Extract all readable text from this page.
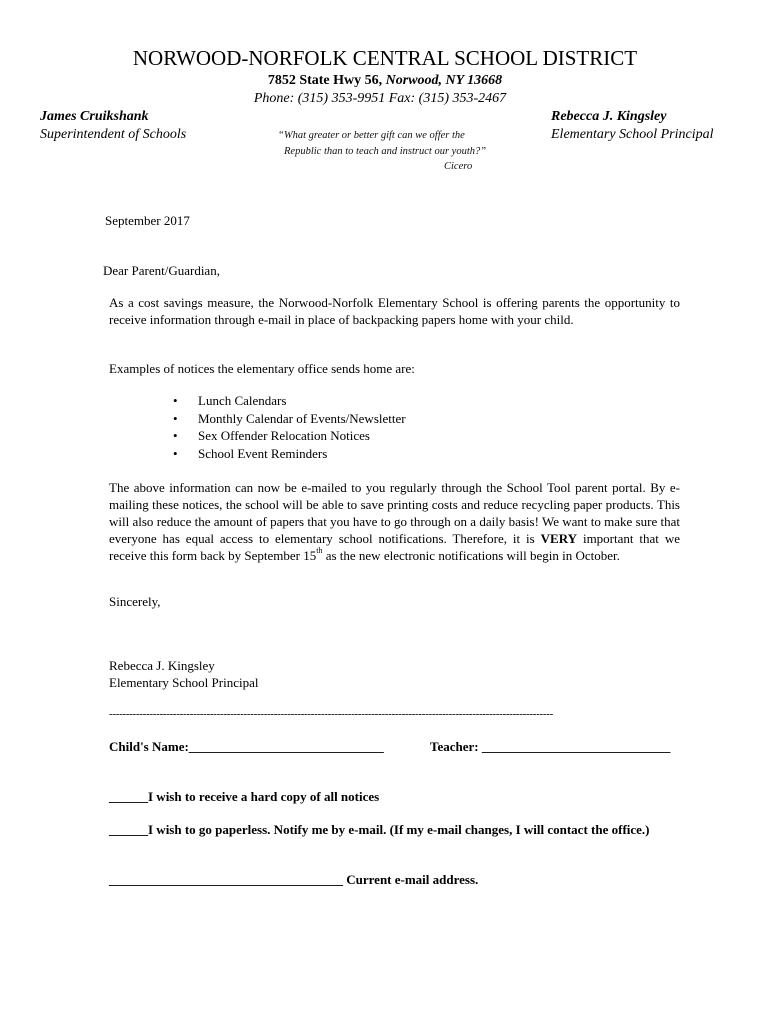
NORWOOD-NORFOLK CENTRAL SCHOOL DISTRICT
7852 State Hwy 56, Norwood, NY 13668
Phone: (315) 353-9951 Fax: (315) 353-2467
James Cruikshank
Superintendent of Schools
Rebecca J. Kingsley
Elementary School Principal
“What greater or better gift can we offer the
Republic than to teach and instruct our youth?”
Cicero
September 2017
Dear Parent/Guardian,
As a cost savings measure, the Norwood-Norfolk Elementary School is offering parents the opportunity to receive information through e-mail in place of backpacking papers home with your child.
Examples of notices the elementary office sends home are:
• Lunch Calendars
• Monthly Calendar of Events/Newsletter
• Sex Offender Relocation Notices
• School Event Reminders
The above information can now be e-mailed to you regularly through the School Tool parent portal. By e-mailing these notices, the school will be able to save printing costs and reduce recycling paper products. This will also reduce the amount of papers that you have to go through on a daily basis! We want to make sure that everyone has equal access to elementary school notifications. Therefore, it is VERY important that we receive this form back by September 15th as the new electronic notifications will begin in October.
Sincerely,
Rebecca J. Kingsley
Elementary School Principal
------------------------------------------------------------------------------------------------------------------------------------
Child's Name:______________________________	Teacher: _____________________________
______I wish to receive a hard copy of all notices
______I wish to go paperless. Notify me by e-mail. (If my e-mail changes, I will contact the office.)
____________________________________ Current e-mail address.
